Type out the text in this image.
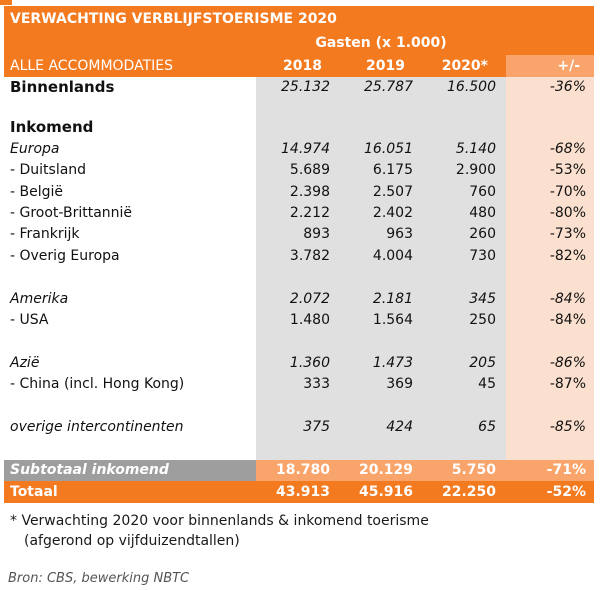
VERWACHTING VERBLIJFSTOERISME 2020
Gasten (x 1.000)
ALLE ACCOMMODATIES	2018	2019	2020*	+/-
Binnenlands	25.132	25.787	16.500	-36%
Inkomend
Europa	14.974	16.051	5.140	-68%
- Duitsland	5.689	6.175	2.900	-53%
- België	2.398	2.507	760	-70%
- Groot-Brittannië	2.212	2.402	480	-80%
- Frankrijk	893	963	260	-73%
- Overig Europa	3.782	4.004	730	-82%
Amerika	2.072	2.181	345	-84%
- USA	1.480	1.564	250	-84%
Azië	1.360	1.473	205	-86%
- China (incl. Hong Kong)	333	369	45	-87%
overige intercontinenten	375	424	65	-85%
Subtotaal inkomend	18.780	20.129	5.750	-71%
Totaal	43.913	45.916	22.250	-52%
* Verwachting 2020 voor binnenlands & inkomend toerisme
(afgerond op vijfduizendtallen)
Bron: CBS, bewerking NBTC
